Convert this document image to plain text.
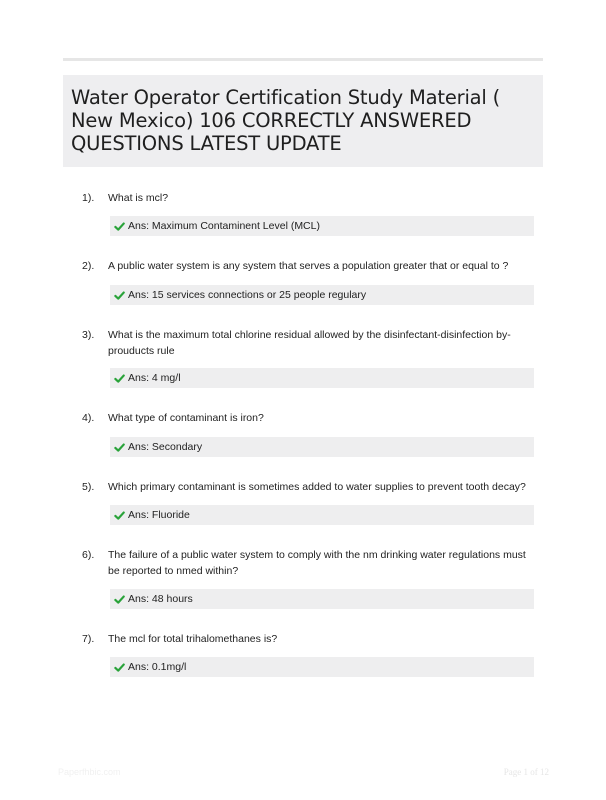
Water Operator Certification Study Material ( New Mexico) 106 CORRECTLY ANSWERED QUESTIONS LATEST UPDATE
1). What is mcl?
Ans: Maximum Contaminent Level (MCL)
2). A public water system is any system that serves a population greater that or equal to ?
Ans: 15 services connections or 25 people regulary
3). What is the maximum total chlorine residual allowed by the disinfectant-disinfection by-prouducts rule
Ans: 4 mg/l
4). What type of contaminant is iron?
Ans: Secondary
5). Which primary contaminant is sometimes added to water supplies to prevent tooth decay?
Ans: Fluoride
6). The failure of a public water system to comply with the nm drinking water regulations must be reported to nmed within?
Ans: 48 hours
7). The mcl for total trihalomethanes is?
Ans: 0.1mg/l
Paperfhbic.com	Page 1 of 12
